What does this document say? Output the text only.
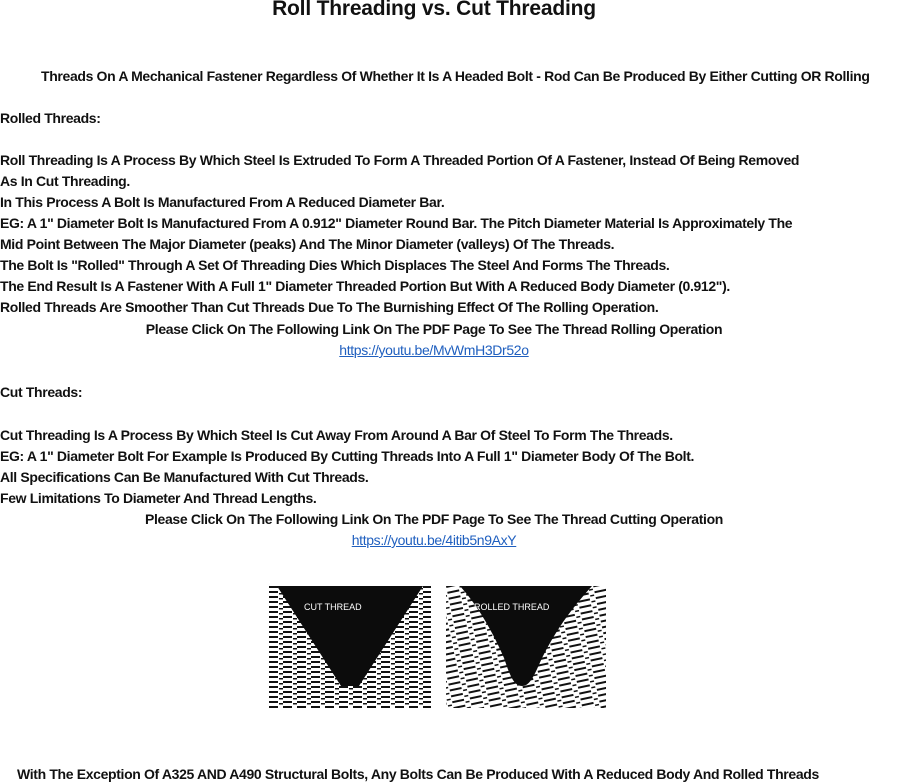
Roll Threading vs. Cut Threading
Threads On A Mechanical Fastener Regardless Of Whether It Is A Headed Bolt - Rod Can Be Produced By Either Cutting OR Rolling
Rolled Threads:
Roll Threading Is A Process By Which Steel Is Extruded To Form A Threaded Portion Of A Fastener, Instead Of Being Removed
As In Cut Threading.
In This Process A Bolt Is Manufactured From A Reduced Diameter Bar.
EG: A 1" Diameter Bolt Is Manufactured From A 0.912" Diameter Round Bar. The Pitch Diameter Material Is Approximately The
Mid Point Between The Major Diameter (peaks) And The Minor Diameter (valleys) Of The Threads.
The Bolt Is "Rolled" Through A Set Of Threading Dies Which Displaces The Steel And Forms The Threads.
The End Result Is A Fastener With A Full 1" Diameter Threaded Portion But With A Reduced Body Diameter (0.912").
Rolled Threads Are Smoother Than Cut Threads Due To The Burnishing Effect Of The Rolling Operation.
Please Click On The Following Link On The PDF Page To See The Thread Rolling Operation
https://youtu.be/MvWmH3Dr52o
Cut Threads:
Cut Threading Is A Process By Which Steel Is Cut Away From Around A Bar Of Steel To Form The Threads.
EG: A 1" Diameter Bolt For Example Is Produced By Cutting Threads Into A Full 1" Diameter Body Of The Bolt.
All Specifications Can Be Manufactured With Cut Threads.
Few Limitations To Diameter And Thread Lengths.
Please Click On The Following Link On The PDF Page To See The Thread Cutting Operation
https://youtu.be/4itib5n9AxY
CUT THREAD	ROLLED THREAD
With The Exception Of A325 AND A490 Structural Bolts, Any Bolts Can Be Produced With A Reduced Body And Rolled Threads
